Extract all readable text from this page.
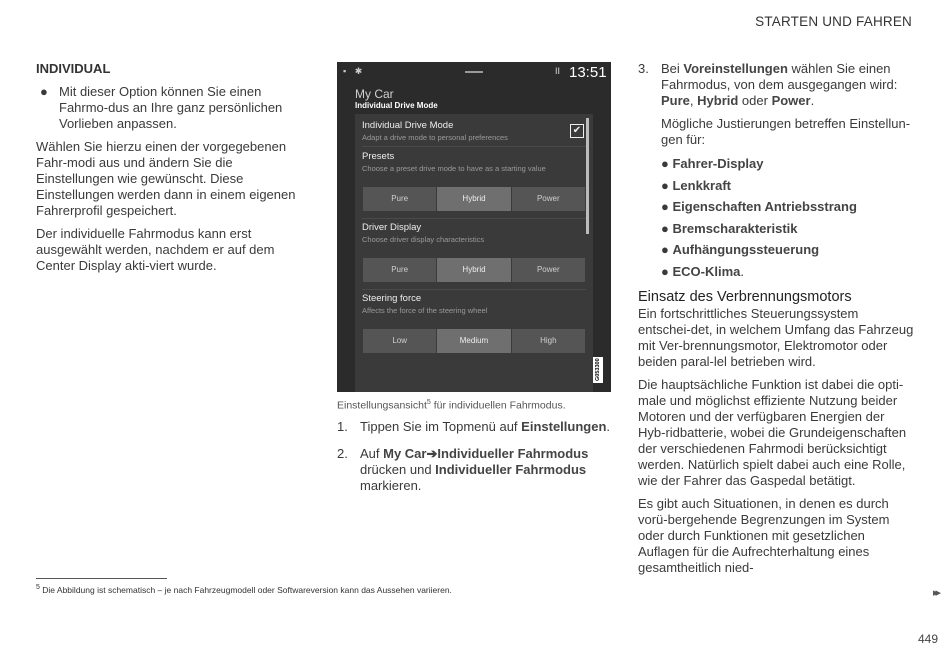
STARTEN UND FAHREN

INDIVIDUAL

● Mit dieser Option können Sie einen Fahrmo-dus an Ihre ganz persönlichen Vorlieben anpassen.

Wählen Sie hierzu einen der vorgegebenen Fahr-modi aus und ändern Sie die Einstellungen wie gewünscht. Diese Einstellungen werden dann in einem eigenen Fahrerprofil gespeichert.

Der individuelle Fahrmodus kann erst ausgewählt werden, nachdem er auf dem Center Display akti-viert wurde.

▪ ✱	II 13:51
My Car
Individual Drive Mode
Individual Drive Mode
Adapt a drive mode to personal preferences
✔
Presets
Choose a preset drive mode to have as a starting value
Pure	Hybrid	Power
Driver Display
Choose driver display characteristics
Pure	Hybrid	Power
Steering force
Affects the force of the steering wheel
Low	Medium	High
G053300
Einstellungsansicht$^5$ für individuellen Fahrmodus.

1. Tippen Sie im Topmenü auf Einstellungen.

2. Auf My Car➔Individueller Fahrmodus drücken und Individueller Fahrmodus markieren.

3. Bei Voreinstellungen wählen Sie einen Fahrmodus, von dem ausgegangen wird: Pure, Hybrid oder Power.

Mögliche Justierungen betreffen Einstellun-gen für:

● Fahrer-Display
● Lenkkraft
● Eigenschaften Antriebsstrang
● Bremscharakteristik
● Aufhängungssteuerung
● ECO-Klima.
Einsatz des Verbrennungsmotors

Ein fortschrittliches Steuerungssystem entschei-det, in welchem Umfang das Fahrzeug mit Ver-brennungsmotor, Elektromotor oder beiden paral-lel betrieben wird.

Die hauptsächliche Funktion ist dabei die opti-male und möglichst effiziente Nutzung beider Motoren und der verfügbaren Energien der Hyb-ridbatterie, wobei die Grundeigenschaften der verschiedenen Fahrmodi berücksichtigt werden. Natürlich spielt dabei auch eine Rolle, wie der Fahrer das Gaspedal betätigt.

Es gibt auch Situationen, in denen es durch vorü-bergehende Begrenzungen im System oder durch Funktionen mit gesetzlichen Auflagen für die Aufrechterhaltung eines gesamtheitlich nied-

$^5$ Die Abbildung ist schematisch – je nach Fahrzeugmodell oder Softwareversion kann das Aussehen variieren.	▸▸
449
